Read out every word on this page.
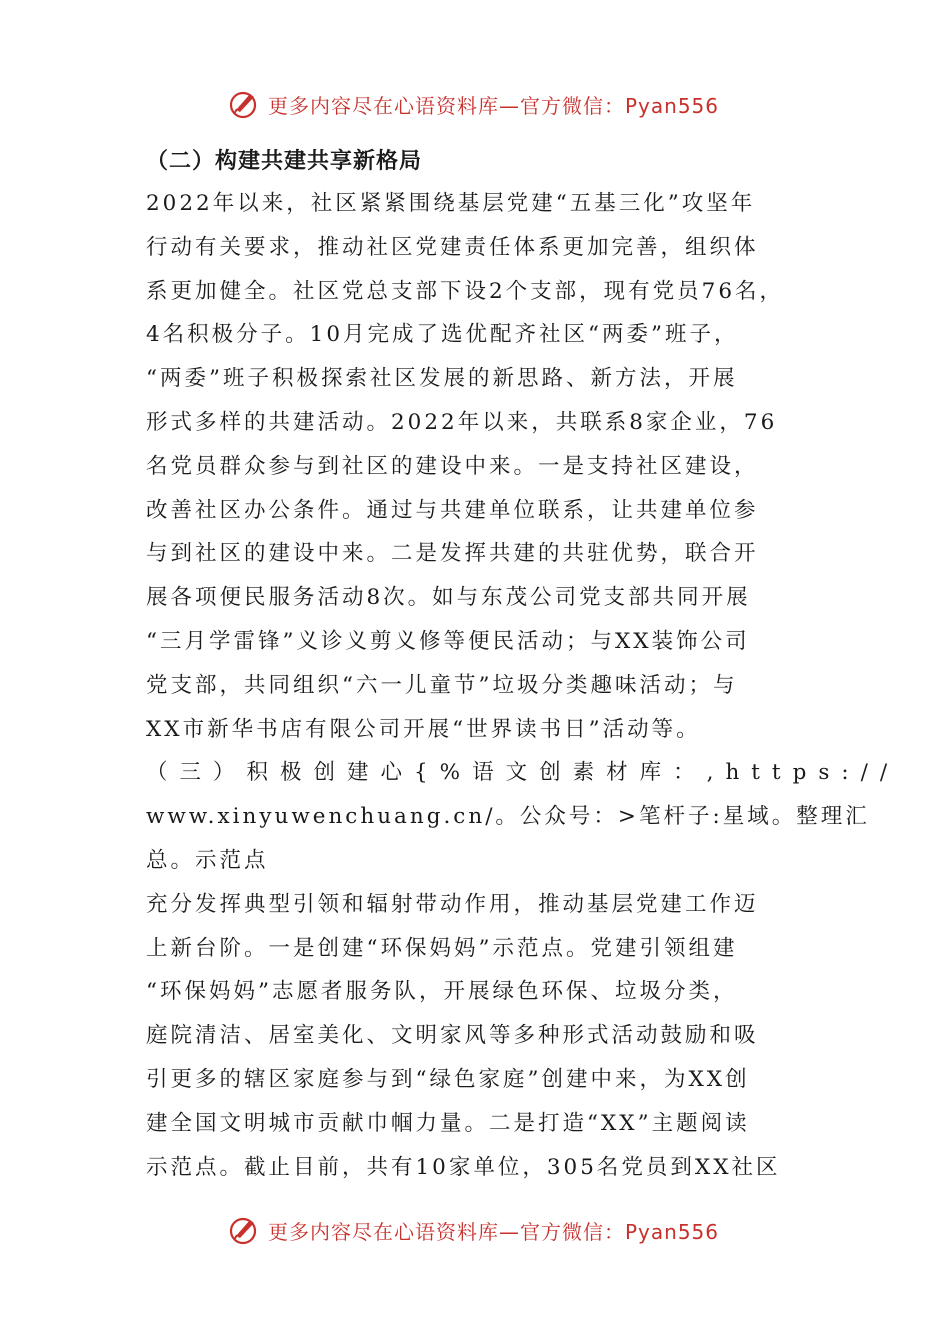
更多内容尽在心语资料库—官方微信：Pyan556
（二）构建共建共享新格局
2022年以来，社区紧紧围绕基层党建“五基三化”攻坚年
行动有关要求，推动社区党建责任体系更加完善，组织体
系更加健全。社区党总支部下设2个支部，现有党员76名，
4名积极分子。10月完成了选优配齐社区“两委”班子，
“两委”班子积极探索社区发展的新思路、新方法，开展
形式多样的共建活动。2022年以来，共联系8家企业，76
名党员群众参与到社区的建设中来。一是支持社区建设，
改善社区办公条件。通过与共建单位联系，让共建单位参
与到社区的建设中来。二是发挥共建的共驻优势，联合开
展各项便民服务活动8次。如与东茂公司党支部共同开展
“三月学雷锋”义诊义剪义修等便民活动；与XX装饰公司
党支部，共同组织“六一儿童节”垃圾分类趣味活动；与
XX市新华书店有限公司开展“世界读书日”活动等。
（三）积极创建心{%语文创素材库：,https://
www.xinyuwenchuang.cn/。公众号：>笔杆子:星域。整理汇
总。示范点
充分发挥典型引领和辐射带动作用，推动基层党建工作迈
上新台阶。一是创建“环保妈妈”示范点。党建引领组建
“环保妈妈”志愿者服务队，开展绿色环保、垃圾分类，
庭院清洁、居室美化、文明家风等多种形式活动鼓励和吸
引更多的辖区家庭参与到“绿色家庭”创建中来，为XX创
建全国文明城市贡献巾帼力量。二是打造“XX”主题阅读
示范点。截止目前，共有10家单位，305名党员到XX社区
更多内容尽在心语资料库—官方微信：Pyan556
